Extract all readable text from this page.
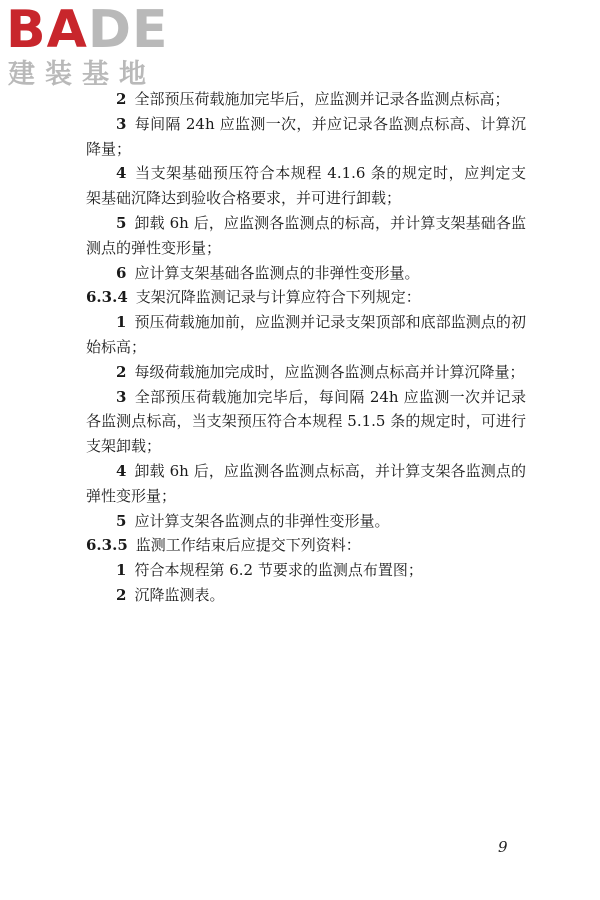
BADE
建装基地

2 全部预压荷载施加完毕后，应监测并记录各监测点标高；

3 每间隔 24h 应监测一次，并应记录各监测点标高、计算沉降量；

4 当支架基础预压符合本规程 4.1.6 条的规定时，应判定支架基础沉降达到验收合格要求，并可进行卸载；

5 卸载 6h 后，应监测各监测点的标高，并计算支架基础各监测点的弹性变形量；

6 应计算支架基础各监测点的非弹性变形量。

6.3.4 支架沉降监测记录与计算应符合下列规定：

1 预压荷载施加前，应监测并记录支架顶部和底部监测点的初始标高；

2 每级荷载施加完成时，应监测各监测点标高并计算沉降量；

3 全部预压荷载施加完毕后，每间隔 24h 应监测一次并记录各监测点标高，当支架预压符合本规程 5.1.5 条的规定时，可进行支架卸载；

4 卸载 6h 后，应监测各监测点标高，并计算支架各监测点的弹性变形量；

5 应计算支架各监测点的非弹性变形量。

6.3.5 监测工作结束后应提交下列资料：

1 符合本规程第 6.2 节要求的监测点布置图；

2 沉降监测表。

9
